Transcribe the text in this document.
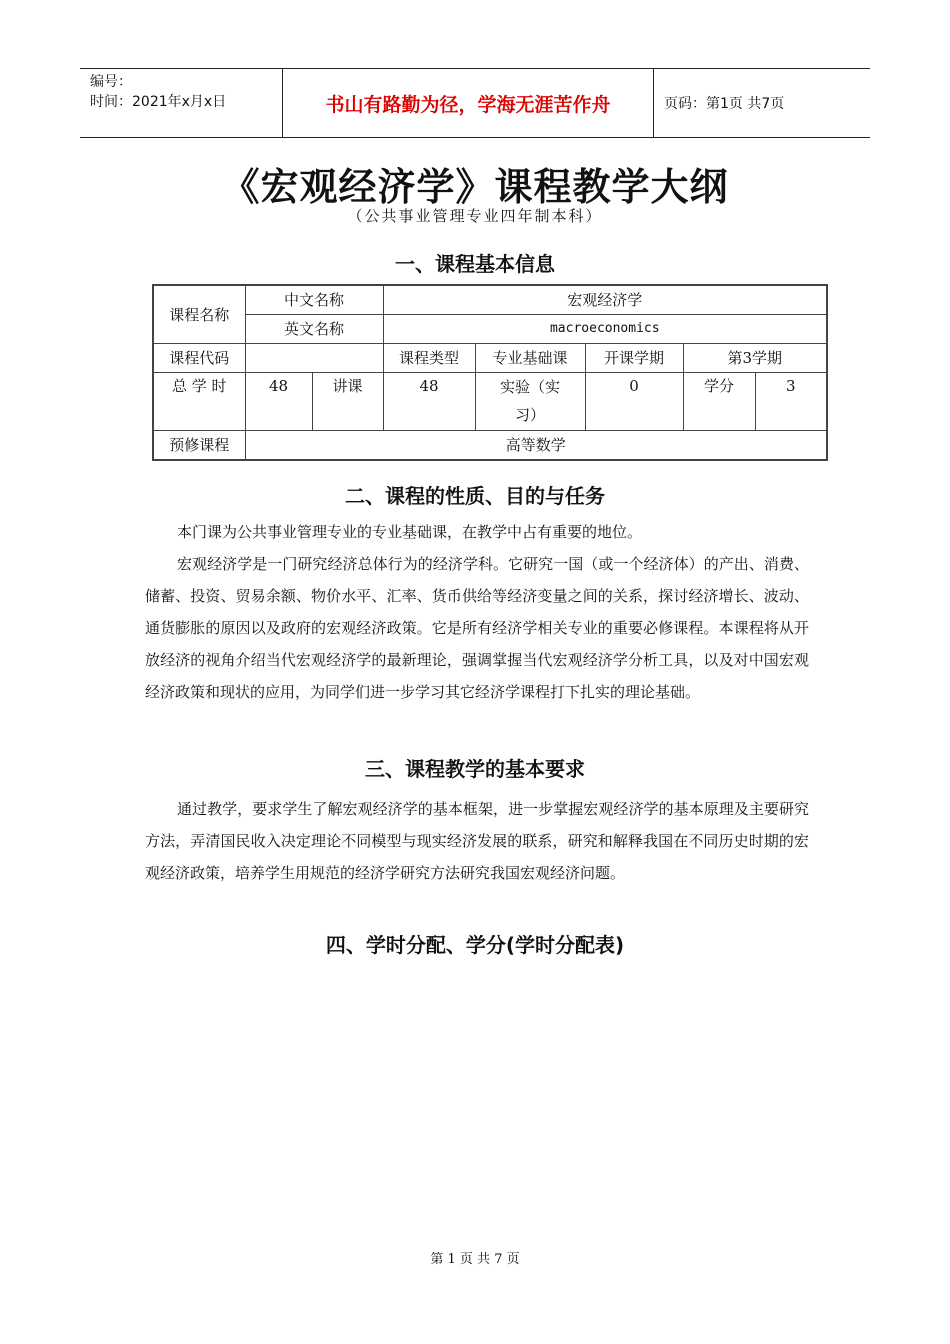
编号：
时间：2021年x月x日	书山有路勤为径，学海无涯苦作舟	页码：第1页 共7页
《宏观经济学》课程教学大纲
（公共事业管理专业四年制本科）
一、课程基本信息
课程名称	中文名称		宏观经济学				
	英文名称		macroeconomics				
课程代码			课程类型	专业基础课	开课学期	第3学期	
总 学 时	48	讲课	48	实验（实习）	0	学分	3
预修课程	高等数学						
二、课程的性质、目的与任务

本门课为公共事业管理专业的专业基础课，在教学中占有重要的地位。

宏观经济学是一门研究经济总体行为的经济学科。它研究一国（或一个经济体）的产出、消费、储蓄、投资、贸易余额、物价水平、汇率、货币供给等经济变量之间的关系，探讨经济增长、波动、通货膨胀的原因以及政府的宏观经济政策。它是所有经济学相关专业的重要必修课程。本课程将从开放经济的视角介绍当代宏观经济学的最新理论，强调掌握当代宏观经济学分析工具，以及对中国宏观经济政策和现状的应用，为同学们进一步学习其它经济学课程打下扎实的理论基础。

三、课程教学的基本要求

通过教学，要求学生了解宏观经济学的基本框架，进一步掌握宏观经济学的基本原理及主要研究方法，弄清国民收入决定理论不同模型与现实经济发展的联系，研究和解释我国在不同历史时期的宏观经济政策，培养学生用规范的经济学研究方法研究我国宏观经济问题。

四、学时分配、学分(学时分配表)
第 1 页 共 7 页
